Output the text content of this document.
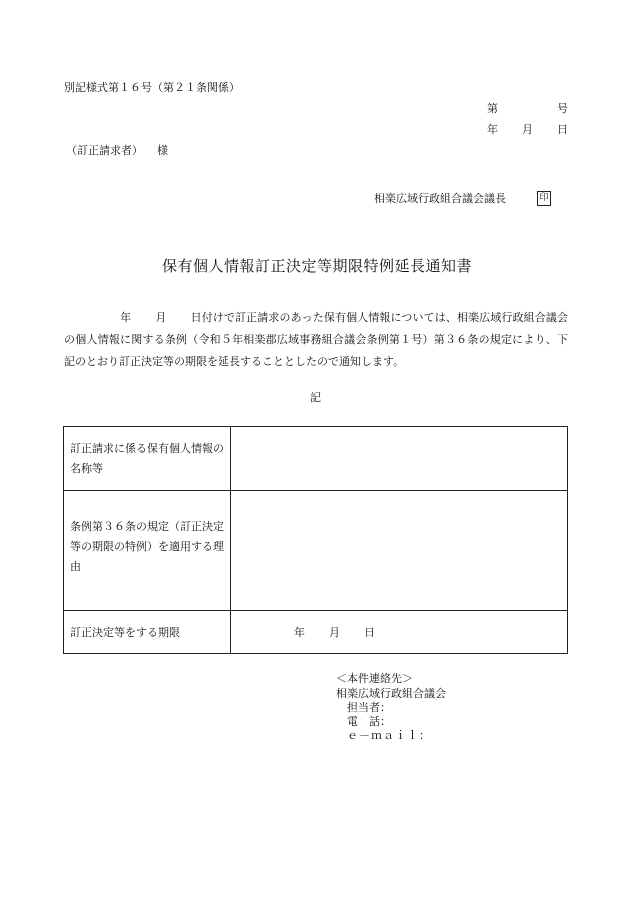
別記様式第１６号（第２１条関係）
第	号
年 月 日
（訂正請求者） 様
相楽広域行政組合議会議長	印
保有個人情報訂正決定等期限特例延長通知書
年 月 日付けで訂正請求のあった保有個人情報については、相楽広域行政組合議会の個人情報に関する条例（令和５年相楽郡広域事務組合議会条例第１号）第３６条の規定により、下記のとおり訂正決定等の期限を延長することとしたので通知します。
記
訂正請求に係る保有個人情報の名称等
条例第３６条の規定（訂正決定等の期限の特例）を適用する理由
訂正決定等をする期限	年 月 日
＜本件連絡先＞
相楽広域行政組合議会
担当者：
電　話：
ｅ－ｍａｉｌ：
